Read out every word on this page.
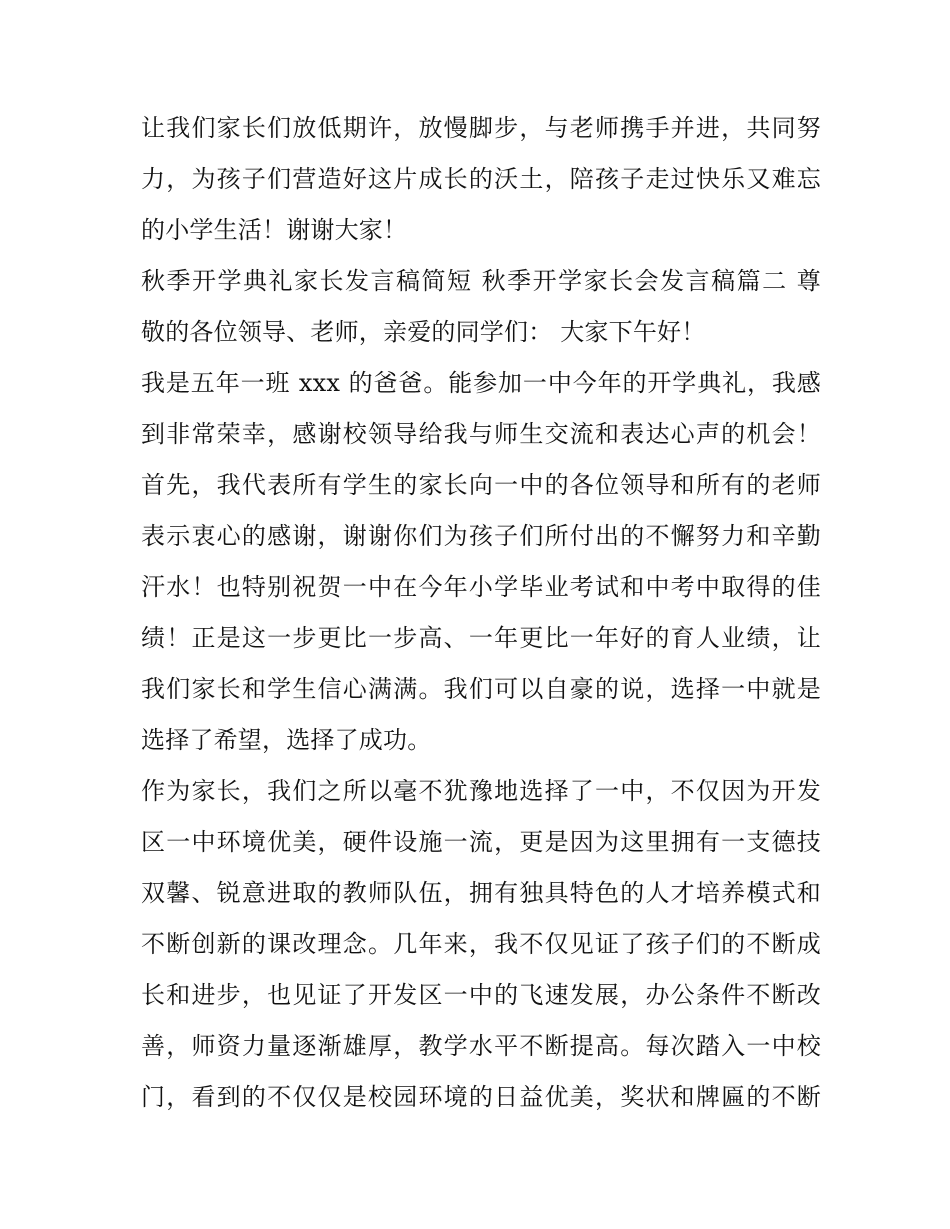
让我们家长们放低期许，放慢脚步，与老师携手并进，共同努
力，为孩子们营造好这片成长的沃土，陪孩子走过快乐又难忘
的小学生活！谢谢大家！
秋季开学典礼家长发言稿简短 秋季开学家长会发言稿篇二 尊
敬的各位领导、老师，亲爱的同学们： 大家下午好！
我是五年一班 xxx 的爸爸。能参加一中今年的开学典礼，我感
到非常荣幸，感谢校领导给我与师生交流和表达心声的机会！
首先，我代表所有学生的家长向一中的各位领导和所有的老师
表示衷心的感谢，谢谢你们为孩子们所付出的不懈努力和辛勤
汗水！也特别祝贺一中在今年小学毕业考试和中考中取得的佳
绩！正是这一步更比一步高、一年更比一年好的育人业绩，让
我们家长和学生信心满满。我们可以自豪的说，选择一中就是
选择了希望，选择了成功。
作为家长，我们之所以毫不犹豫地选择了一中，不仅因为开发
区一中环境优美，硬件设施一流，更是因为这里拥有一支德技
双馨、锐意进取的教师队伍，拥有独具特色的人才培养模式和
不断创新的课改理念。几年来，我不仅见证了孩子们的不断成
长和进步，也见证了开发区一中的飞速发展，办公条件不断改
善，师资力量逐渐雄厚，教学水平不断提高。每次踏入一中校
门，看到的不仅仅是校园环境的日益优美，奖状和牌匾的不断
